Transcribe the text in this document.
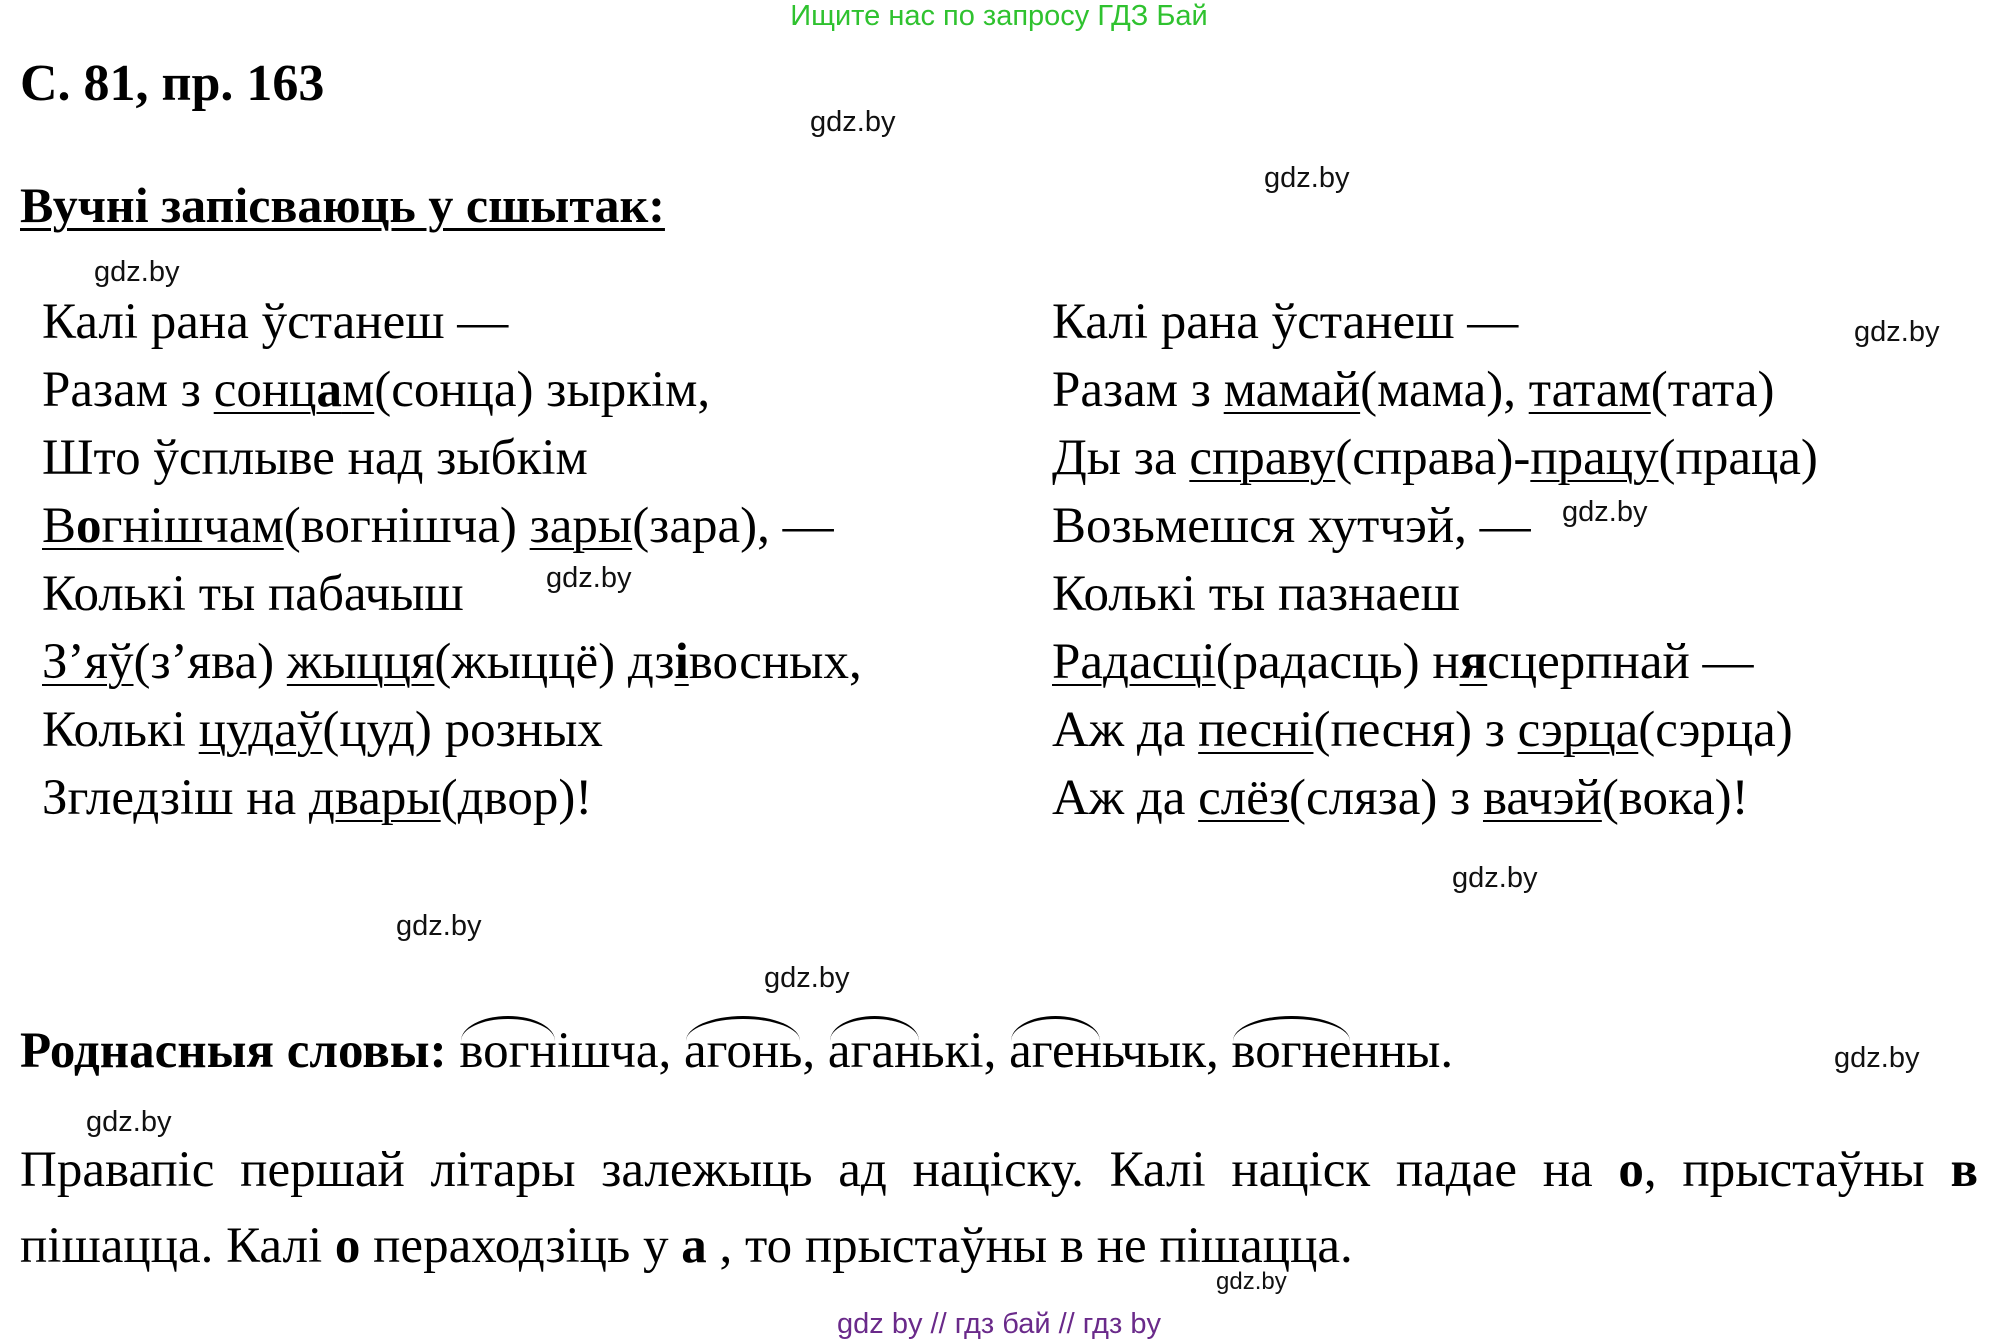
Ищите нас по запросу ГДЗ Бай
С. 81, пр. 163
Вучні запісваюць у сшытак:
gdz.by
gdz.by
gdz.by
gdz.by
gdz.by
gdz.by
gdz.by
gdz.by
gdz.by
gdz.by
gdz.by
gdz.by
Калі рана ўстанеш —
Разам з сонцам(сонца) зыркім,
Што ўсплыве над зыбкім
Вогнішчам(вогнішча) зары(зара), —
Колькі ты пабачыш
З’яў(з’ява) жыцця(жыццё) дзівосных,
Колькі цудаў(цуд) розных
Згледзіш на двары(двор)!
Калі рана ўстанеш —
Разам з мамай(мама), татам(тата)
Ды за справу(справа)-працу(праца)
Возьмешся хутчэй, —
Колькі ты пазнаеш
Радасці(радасць) нясцерпнай —
Аж да песні(песня) з сэрца(сэрца)
Аж да слёз(сляза) з вачэй(вока)!
Роднасныя словы: вогнішча, агонь, аганькі, агеньчык, вогненны.
Правапіс першай літары залежыць ад націску. Калі націск падае на о, прыстаўны в пішацца. Калі о пераходзіць у а , то прыстаўны в не пішацца.
gdz by // гдз бай // гдз by
